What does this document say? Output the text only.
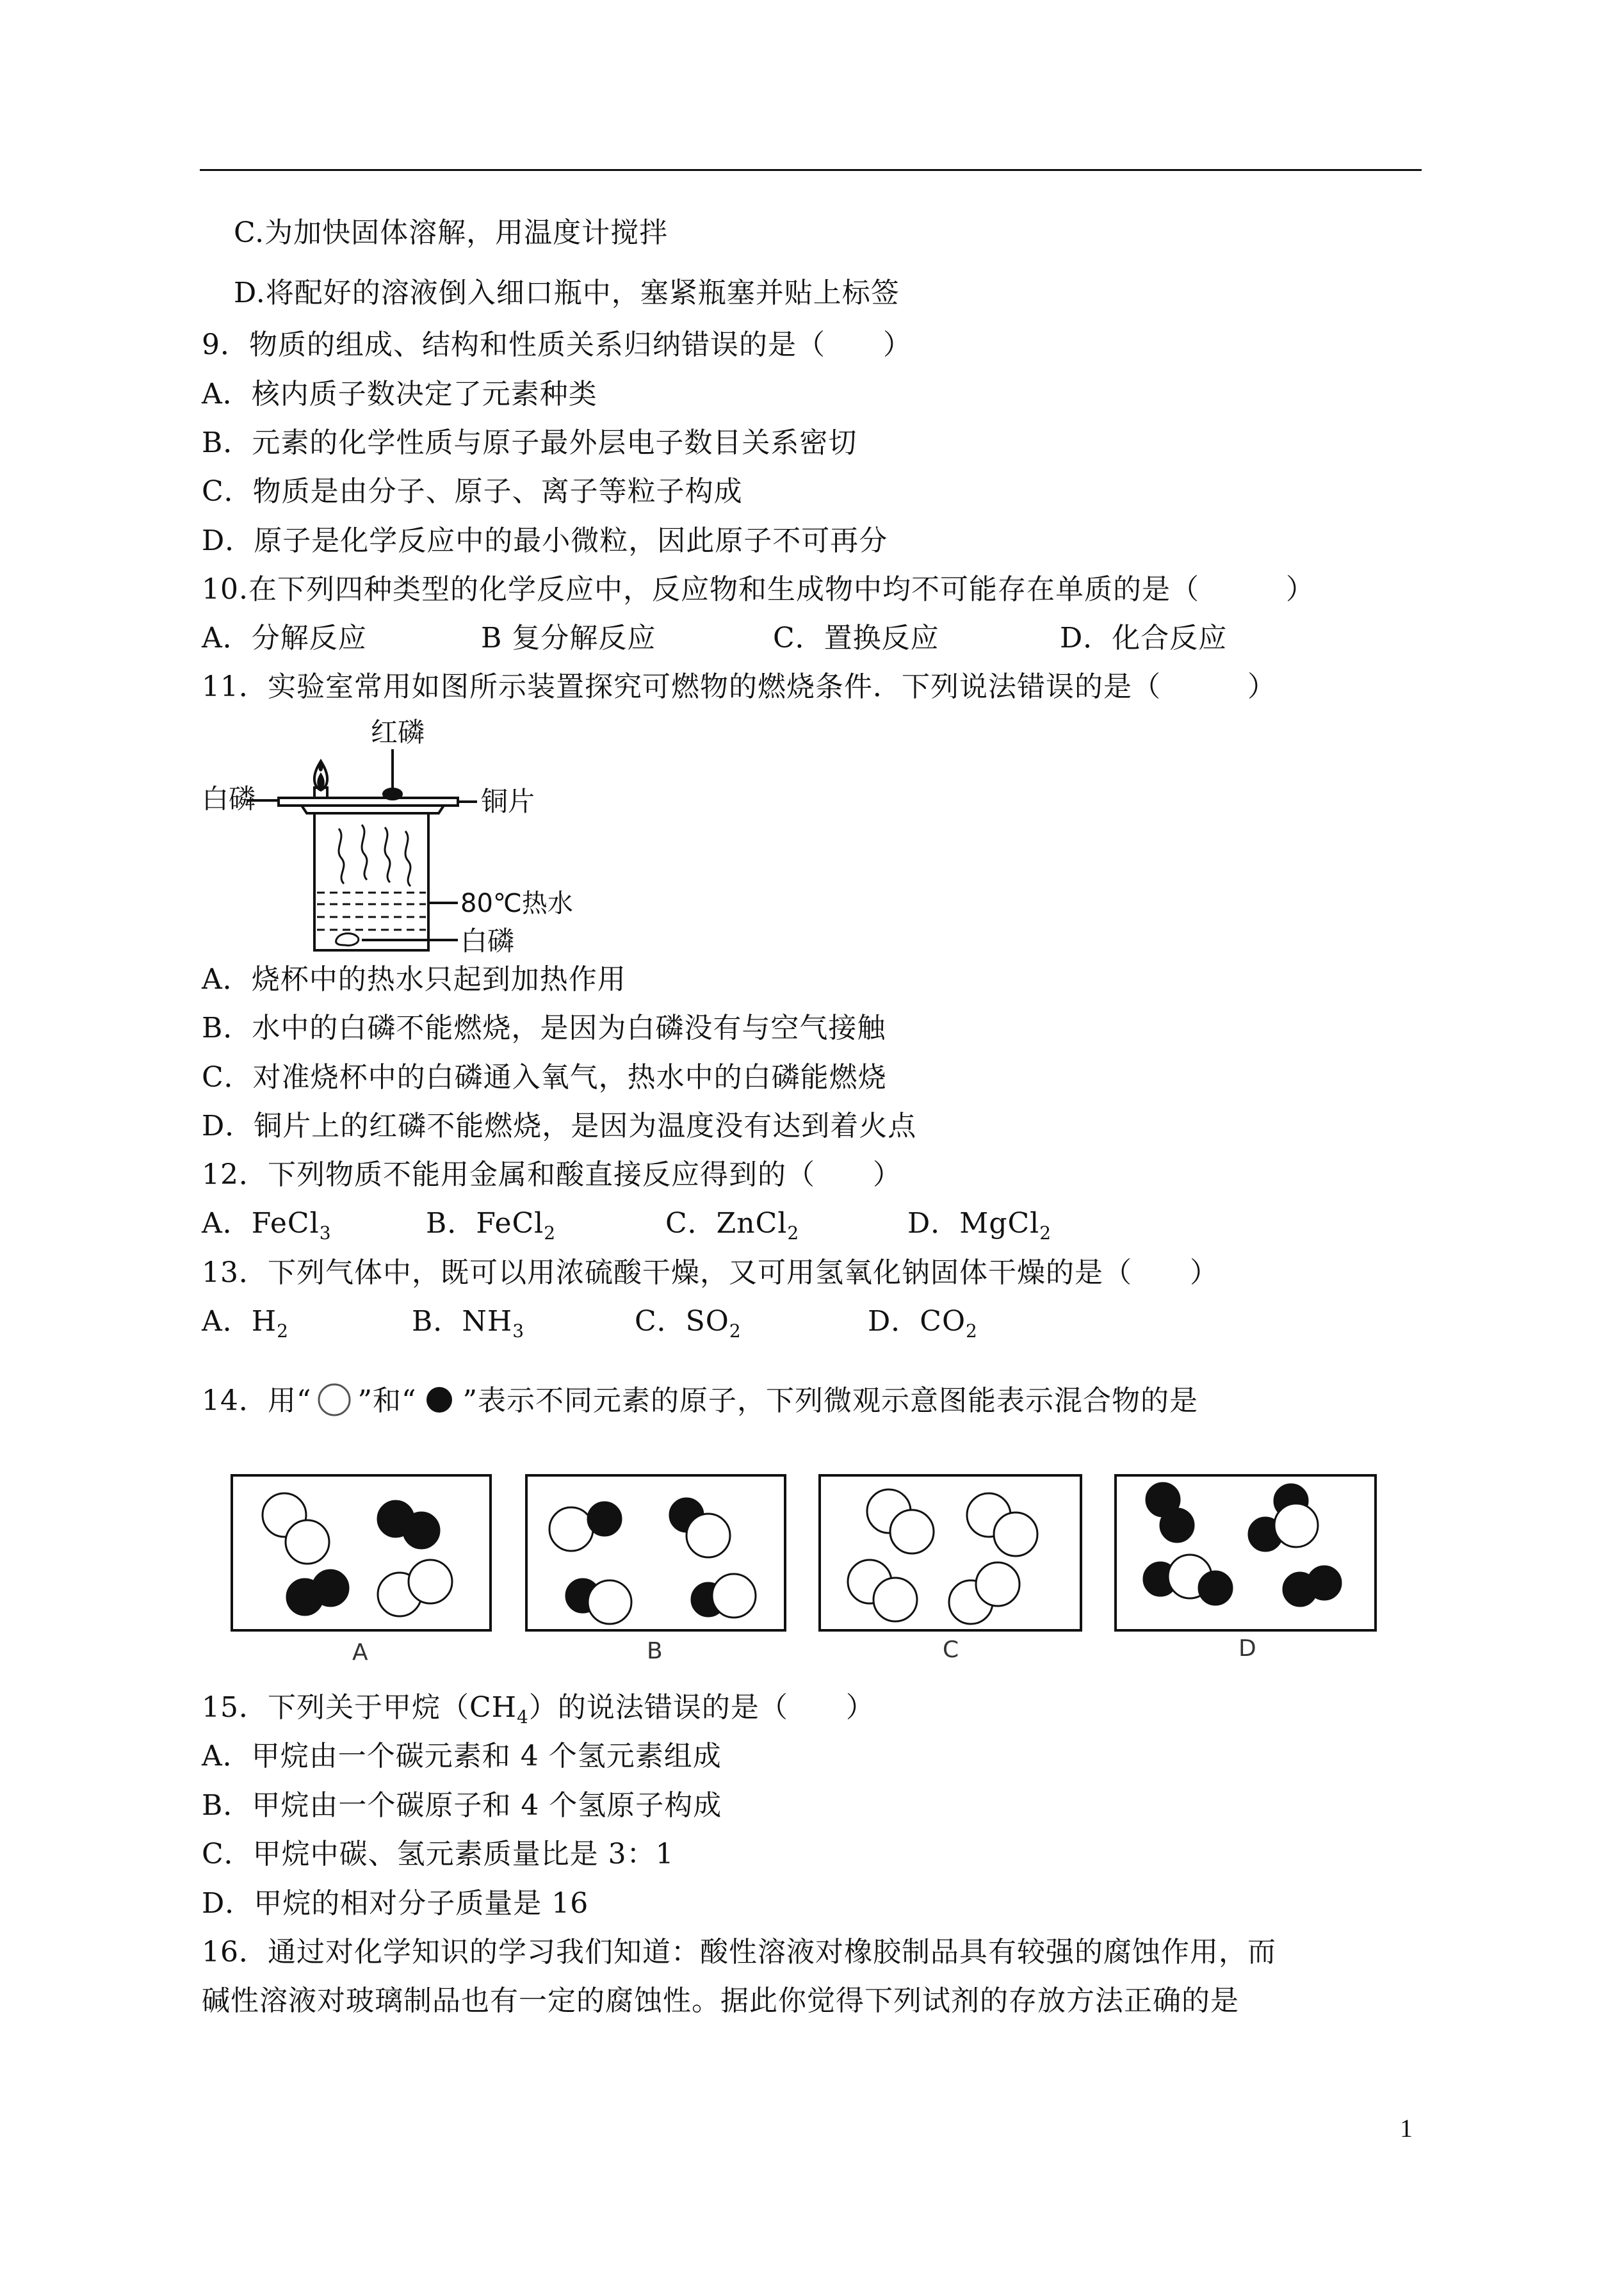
C.为加快固体溶解，用温度计搅拌
D.将配好的溶液倒入细口瓶中，塞紧瓶塞并贴上标签
9．物质的组成、结构和性质关系归纳错误的是（　　）
A．核内质子数决定了元素种类
B．元素的化学性质与原子最外层电子数目关系密切
C．物质是由分子、原子、离子等粒子构成
D．原子是化学反应中的最小微粒，因此原子不可再分
10.在下列四种类型的化学反应中，反应物和生成物中均不可能存在单质的是（　　　）
A．分解反应	B 复分解反应	C．置换反应	D．化合反应
11．实验室常用如图所示装置探究可燃物的燃烧条件．下列说法错误的是（　　　）
红磷
白磷	铜片
80℃热水
白磷
A．烧杯中的热水只起到加热作用
B．水中的白磷不能燃烧，是因为白磷没有与空气接触
C．对准烧杯中的白磷通入氧气，热水中的白磷能燃烧
D．铜片上的红磷不能燃烧，是因为温度没有达到着火点
12．下列物质不能用金属和酸直接反应得到的（　　）
A．FeCl$_3$	B．FeCl$_2$	C．ZnCl$_2$	D．MgCl$_2$
13．下列气体中，既可以用浓硫酸干燥，又可用氢氧化钠固体干燥的是（　　）
A．$H_2$	B．$NH_3$	C．$SO_2$	D．$CO_2$
14．用“ ”和“ ”表示不同元素的原子，下列微观示意图能表示混合物的是
A	B	C	D
15．下列关于甲烷$(CH_4)$的说法错误的是（　　）
A．甲烷由一个碳元素和 4 个氢元素组成
B．甲烷由一个碳原子和 4 个氢原子构成
C．甲烷中碳、氢元素质量比是 3：1
D．甲烷的相对分子质量是 16
16．通过对化学知识的学习我们知道：酸性溶液对橡胶制品具有较强的腐蚀作用，而
碱性溶液对玻璃制品也有一定的腐蚀性。据此你觉得下列试剂的存放方法正确的是
1
